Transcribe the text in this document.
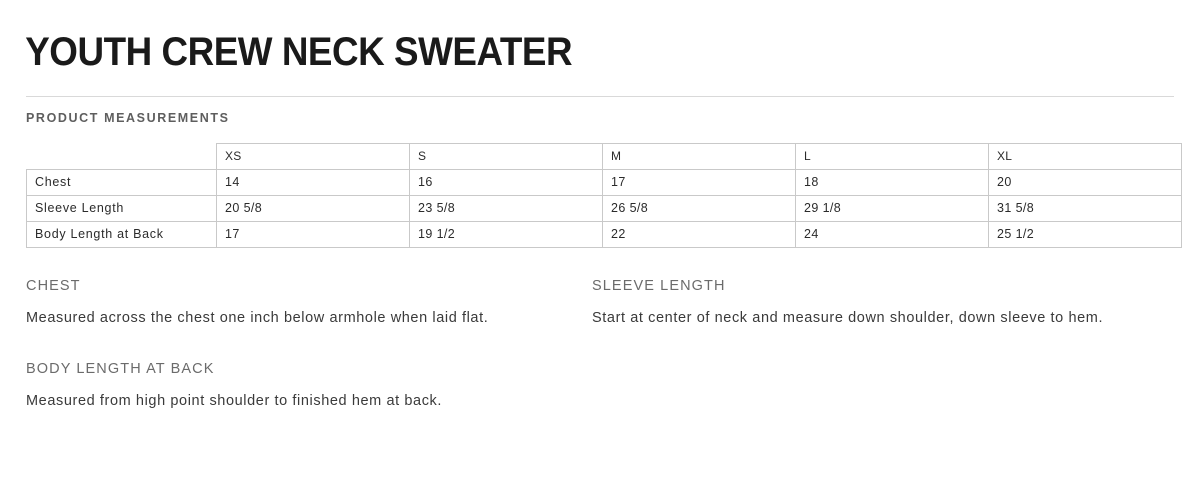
YOUTH CREW NECK SWEATER
PRODUCT MEASUREMENTS
	XS	S	M	L	XL
Chest	14	16	17	18	20
Sleeve Length	20 5/8	23 5/8	26 5/8	29 1/8	31 5/8
Body Length at Back	17	19 1/2	22	24	25 1/2
CHEST
Measured across the chest one inch below armhole when laid flat.
SLEEVE LENGTH
Start at center of neck and measure down shoulder, down sleeve to hem.
BODY LENGTH AT BACK
Measured from high point shoulder to finished hem at back.
